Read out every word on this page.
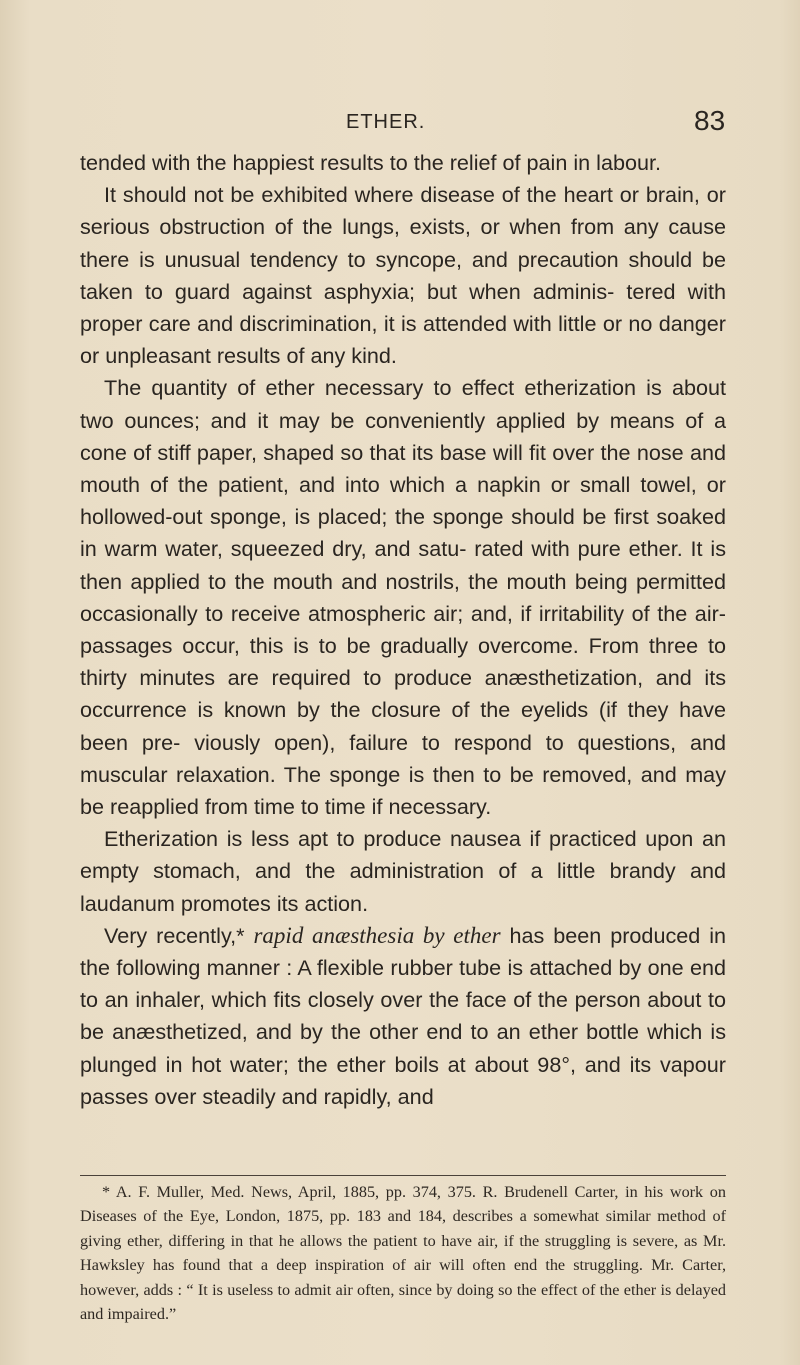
ETHER.	83

tended with the happiest results to the relief of pain in labour.

It should not be exhibited where disease of the heart or brain, or serious obstruction of the lungs, exists, or when from any cause there is unusual tendency to syncope, and precaution should be taken to guard against asphyxia; but when adminis- tered with proper care and discrimination, it is attended with little or no danger or unpleasant results of any kind.

The quantity of ether necessary to effect etherization is about two ounces; and it may be conveniently applied by means of a cone of stiff paper, shaped so that its base will fit over the nose and mouth of the patient, and into which a napkin or small towel, or hollowed-out sponge, is placed; the sponge should be first soaked in warm water, squeezed dry, and satu- rated with pure ether. It is then applied to the mouth and nostrils, the mouth being permitted occasionally to receive atmospheric air; and, if irritability of the air-passages occur, this is to be gradually overcome. From three to thirty minutes are required to produce anæsthetization, and its occurrence is known by the closure of the eyelids (if they have been pre- viously open), failure to respond to questions, and muscular relaxation. The sponge is then to be removed, and may be reapplied from time to time if necessary.

Etherization is less apt to produce nausea if practiced upon an empty stomach, and the administration of a little brandy and laudanum promotes its action.

Very recently,* rapid anæsthesia by ether has been produced in the following manner : A flexible rubber tube is attached by one end to an inhaler, which fits closely over the face of the person about to be anæsthetized, and by the other end to an ether bottle which is plunged in hot water; the ether boils at about 98°, and its vapour passes over steadily and rapidly, and

* A. F. Muller, Med. News, April, 1885, pp. 374, 375. R. Brudenell Carter, in his work on Diseases of the Eye, London, 1875, pp. 183 and 184, describes a somewhat similar method of giving ether, differing in that he allows the patient to have air, if the struggling is severe, as Mr. Hawksley has found that a deep inspiration of air will often end the struggling. Mr. Carter, however, adds : “ It is useless to admit air often, since by doing so the effect of the ether is delayed and impaired.”
